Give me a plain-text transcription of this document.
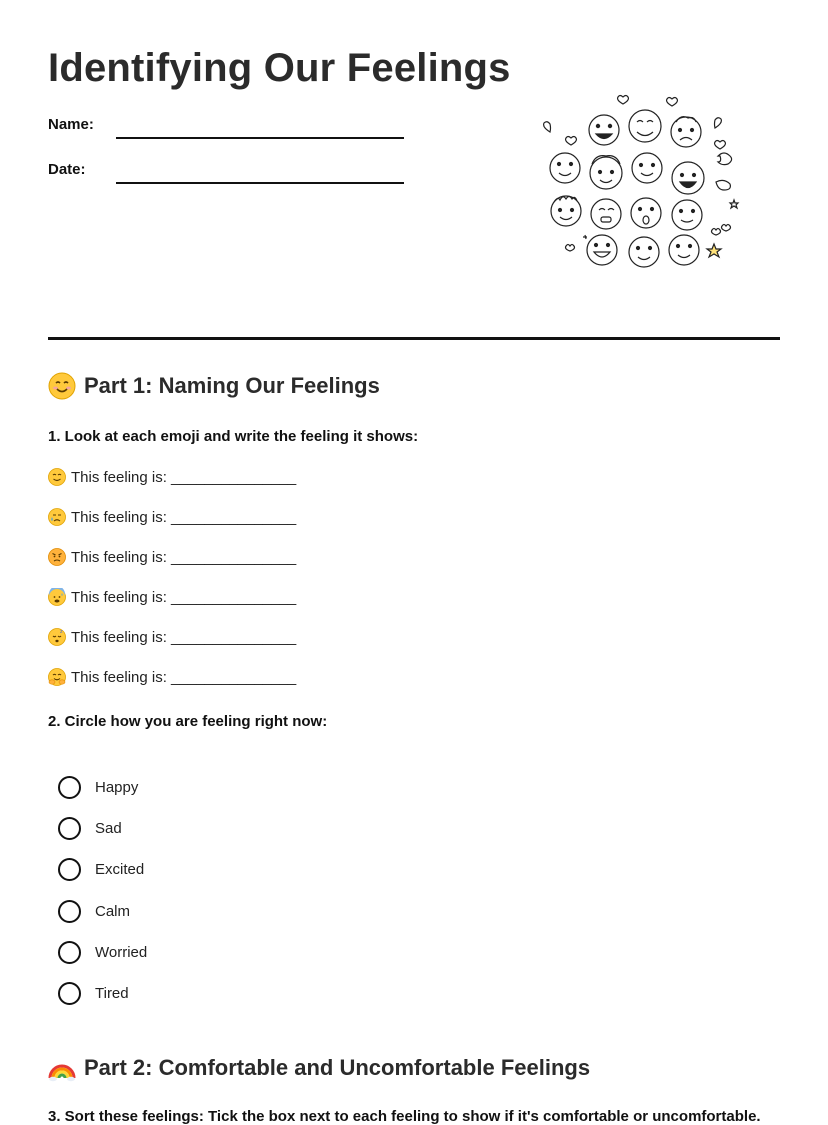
Identifying Our Feelings
Name:
Date:
Part 1: Naming Our Feelings

1. Look at each emoji and write the feeling it shows:

This feeling is: _______________
This feeling is: _______________
This feeling is: _______________
This feeling is: _______________
z This feeling is: _______________
This feeling is: _______________

2. Circle how you are feeling right now:

Happy
Sad
Excited
Calm
Worried
Tired
Part 2: Comfortable and Uncomfortable Feelings
3. Sort these feelings: Tick the box next to each feeling to show if it's comfortable or uncomfortable.
